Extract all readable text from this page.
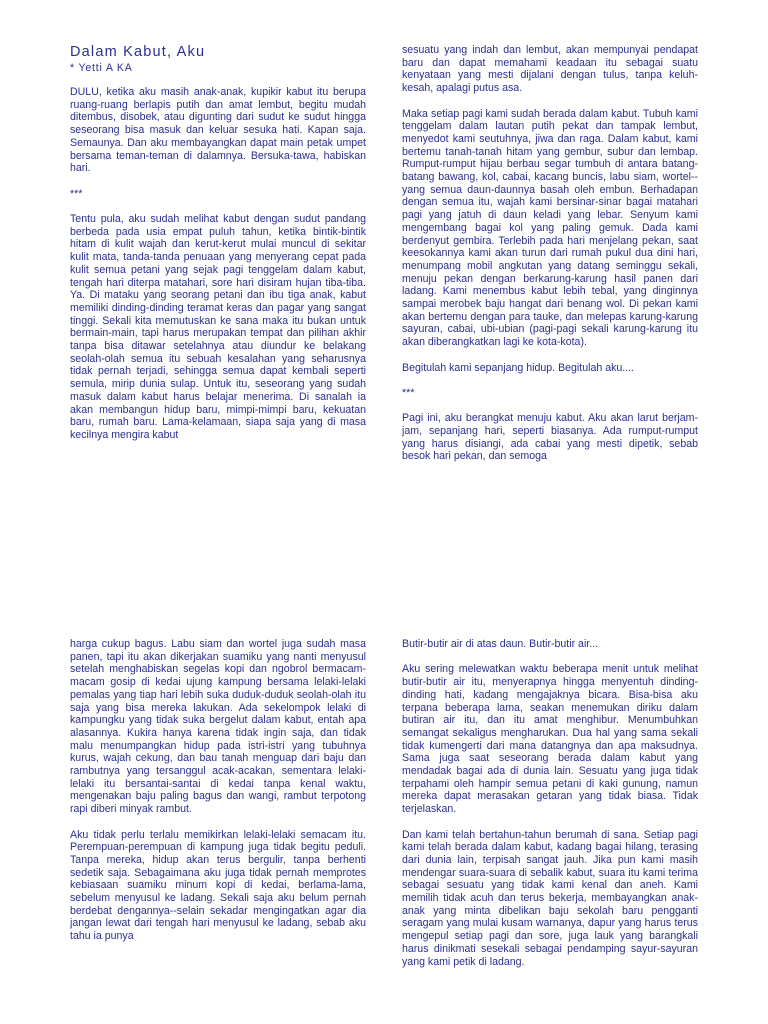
Dalam Kabut, Aku
* Yetti A KA

DULU, ketika aku masih anak-anak, kupikir kabut itu berupa ruang-ruang berlapis putih dan amat lembut, begitu mudah ditembus, disobek, atau digunting dari sudut ke sudut hingga seseorang bisa masuk dan keluar sesuka hati. Kapan saja. Semaunya. Dan aku membayangkan dapat main petak umpet bersama teman-teman di dalamnya. Bersuka-tawa, habiskan hari.

***

Tentu pula, aku sudah melihat kabut dengan sudut pandang berbeda pada usia empat puluh tahun, ketika bintik-bintik hitam di kulit wajah dan kerut-kerut mulai muncul di sekitar kulit mata, tanda-tanda penuaan yang menyerang cepat pada kulit semua petani yang sejak pagi tenggelam dalam kabut, tengah hari diterpa matahari, sore hari disiram hujan tiba-tiba. Ya. Di mataku yang seorang petani dan ibu tiga anak, kabut memiliki dinding-dinding teramat keras dan pagar yang sangat tinggi. Sekali kita memutuskan ke sana maka itu bukan untuk bermain-main, tapi harus merupakan tempat dan pilihan akhir tanpa bisa ditawar setelahnya atau diundur ke belakang seolah-olah semua itu sebuah kesalahan yang seharusnya tidak pernah terjadi, sehingga semua dapat kembali seperti semula, mirip dunia sulap. Untuk itu, seseorang yang sudah masuk dalam kabut harus belajar menerima. Di sanalah ia akan membangun hidup baru, mimpi-mimpi baru, kekuatan baru, rumah baru. Lama-kelamaan, siapa saja yang di masa kecilnya mengira kabut

sesuatu yang indah dan lembut, akan mempunyai pendapat baru dan dapat memahami keadaan itu sebagai suatu kenyataan yang mesti dijalani dengan tulus, tanpa keluh-kesah, apalagi putus asa.

Maka setiap pagi kami sudah berada dalam kabut. Tubuh kami tenggelam dalam lautan putih pekat dan tampak lembut, menyedot kami seutuhnya, jiwa dan raga. Dalam kabut, kami bertemu tanah-tanah hitam yang gembur, subur dan lembap. Rumput-rumput hijau berbau segar tumbuh di antara batang-batang bawang, kol, cabai, kacang buncis, labu siam, wortel--yang semua daun-daunnya basah oleh embun. Berhadapan dengan semua itu, wajah kami bersinar-sinar bagai matahari pagi yang jatuh di daun keladi yang lebar. Senyum kami mengembang bagai kol yang paling gemuk. Dada kami berdenyut gembira. Terlebih pada hari menjelang pekan, saat keesokannya kami akan turun dari rumah pukul dua dini hari, menumpang mobil angkutan yang datang seminggu sekali, menuju pekan dengan berkarung-karung hasil panen dari ladang. Kami menembus kabut lebih tebal, yang dinginnya sampai merobek baju hangat dari benang wol. Di pekan kami akan bertemu dengan para tauke, dan melepas karung-karung sayuran, cabai, ubi-ubian (pagi-pagi sekali karung-karung itu akan diberangkatkan lagi ke kota-kota).

Begitulah kami sepanjang hidup. Begitulah aku....

***

Pagi ini, aku berangkat menuju kabut. Aku akan larut berjam-jam, sepanjang hari, seperti biasanya. Ada rumput-rumput yang harus disiangi, ada cabai yang mesti dipetik, sebab besok hari pekan, dan semoga

harga cukup bagus. Labu siam dan wortel juga sudah masa panen, tapi itu akan dikerjakan suamiku yang nanti menyusul setelah menghabiskan segelas kopi dan ngobrol bermacam-macam gosip di kedai ujung kampung bersama lelaki-lelaki pemalas yang tiap hari lebih suka duduk-duduk seolah-olah itu saja yang bisa mereka lakukan. Ada sekelompok lelaki di kampungku yang tidak suka bergelut dalam kabut, entah apa alasannya. Kukira hanya karena tidak ingin saja, dan tidak malu menumpangkan hidup pada istri-istri yang tubuhnya kurus, wajah cekung, dan bau tanah menguap dari baju dan rambutnya yang tersanggul acak-acakan, sementara lelaki-lelaki itu bersantai-santai di kedai tanpa kenal waktu, mengenakan baju paling bagus dan wangi, rambut terpotong rapi diberi minyak rambut.

Aku tidak perlu terlalu memikirkan lelaki-lelaki semacam itu. Perempuan-perempuan di kampung juga tidak begitu peduli. Tanpa mereka, hidup akan terus bergulir, tanpa berhenti sedetik saja. Sebagaimana aku juga tidak pernah memprotes kebiasaan suamiku minum kopi di kedai, berlama-lama, sebelum menyusul ke ladang. Sekali saja aku belum pernah berdebat dengannya--selain sekadar mengingatkan agar dia jangan lewat dari tengah hari menyusul ke ladang, sebab aku tahu ia punya

Butir-butir air di atas daun. Butir-butir air...

Aku sering melewatkan waktu beberapa menit untuk melihat butir-butir air itu, menyerapnya hingga menyentuh dinding-dinding hati, kadang mengajaknya bicara. Bisa-bisa aku terpana beberapa lama, seakan menemukan diriku dalam butiran air itu, dan itu amat menghibur. Menumbuhkan semangat sekaligus mengharukan. Dua hal yang sama sekali tidak kumengerti dari mana datangnya dan apa maksudnya. Sama juga saat seseorang berada dalam kabut yang mendadak bagai ada di dunia lain. Sesuatu yang juga tidak terpahami oleh hampir semua petani di kaki gunung, namun mereka dapat merasakan getaran yang tidak biasa. Tidak terjelaskan.

Dan kami telah bertahun-tahun berumah di sana. Setiap pagi kami telah berada dalam kabut, kadang bagai hilang, terasing dari dunia lain, terpisah sangat jauh. Jika pun kami masih mendengar suara-suara di sebalik kabut, suara itu kami terima sebagai sesuatu yang tidak kami kenal dan aneh. Kami memilih tidak acuh dan terus bekerja, membayangkan anak-anak yang minta dibelikan baju sekolah baru pengganti seragam yang mulai kusam warnanya, dapur yang harus terus mengepul setiap pagi dan sore, juga lauk yang barangkali harus dinikmati sesekali sebagai pendamping sayur-sayuran yang kami petik di ladang.
